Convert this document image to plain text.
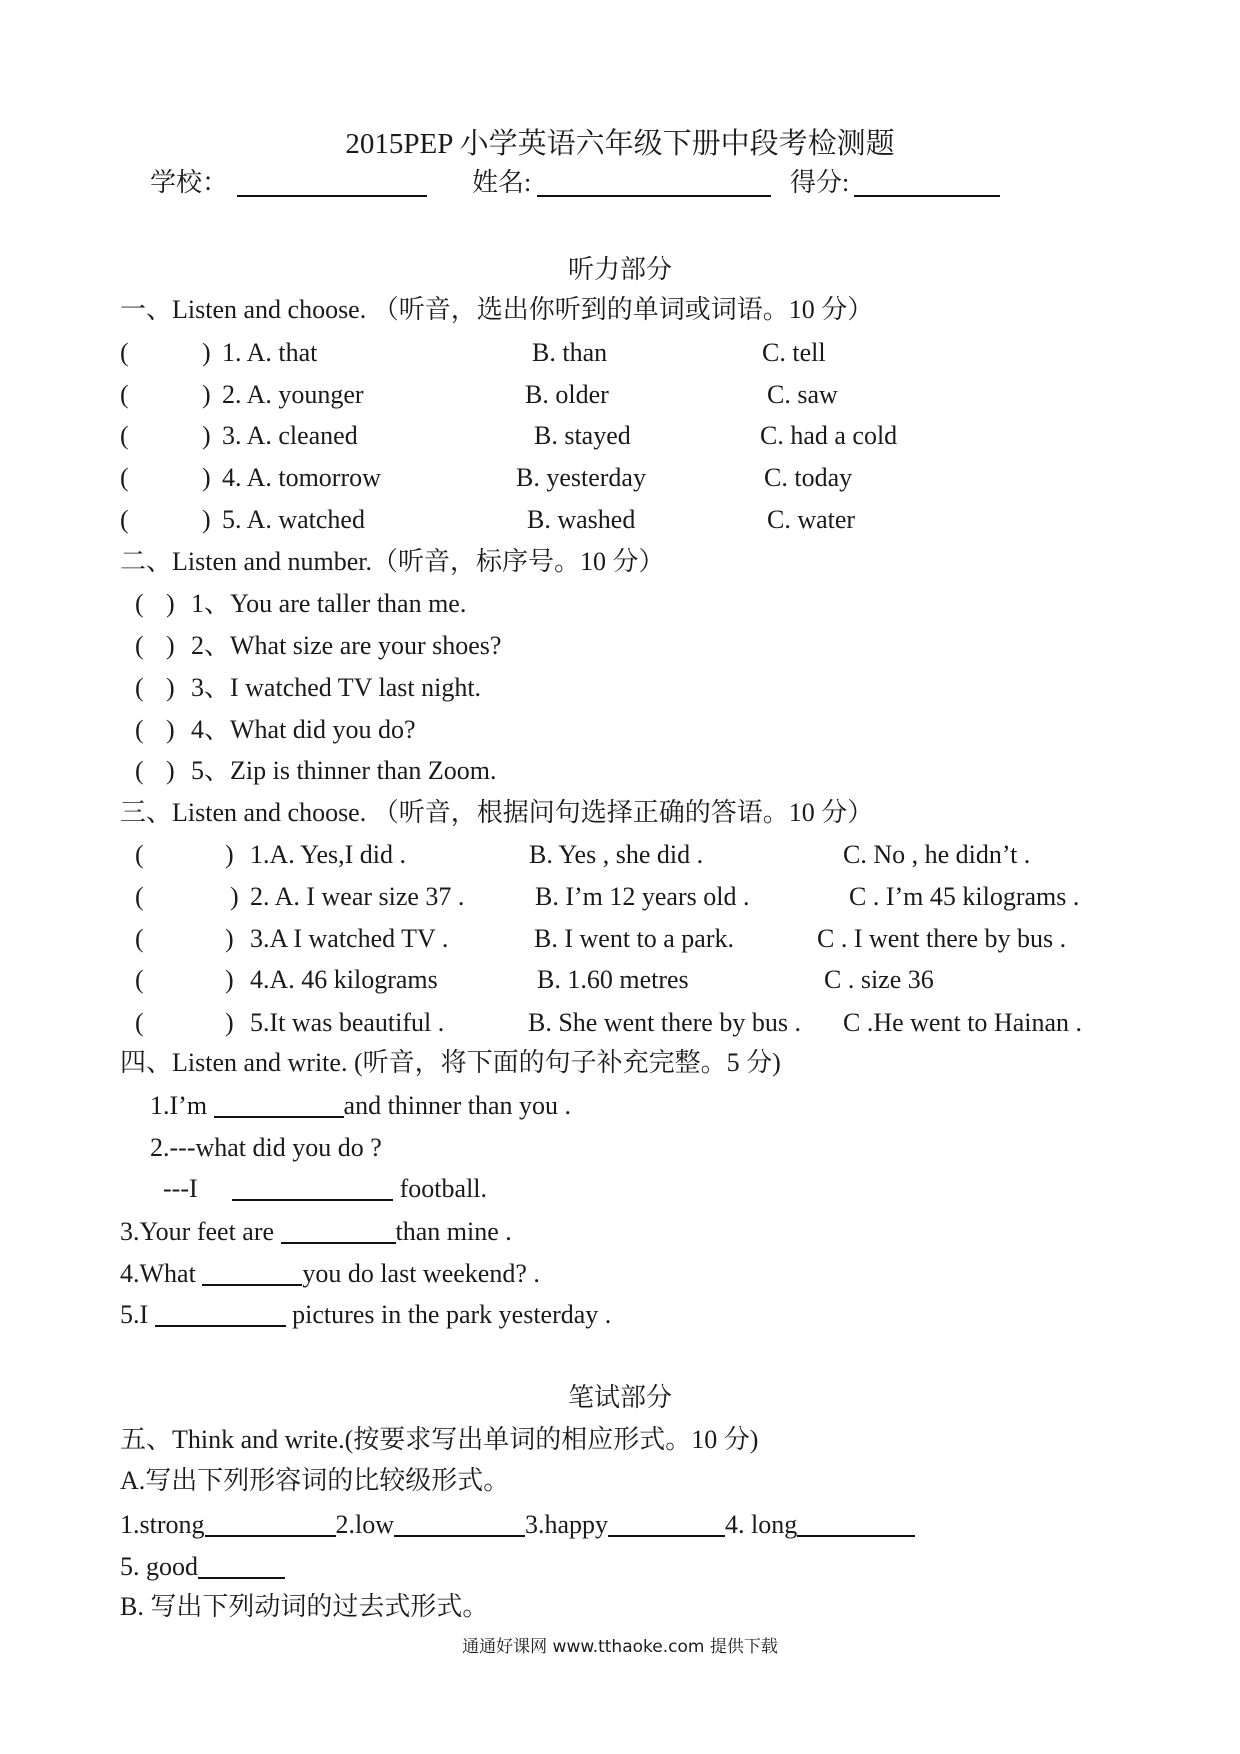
2015PEP 小学英语六年级下册中段考检测题
学校：	姓名:	得分:
听力部分
一、Listen and choose. （听音，选出你听到的单词或词语。10 分）
(	) 1. A. that	B. than	C. tell
(	) 2. A. younger	B. older	C. saw
(	) 3. A. cleaned	B. stayed	C. had a cold
(	) 4. A. tomorrow	B. yesterday	C. today
(	) 5. A. watched	B. washed	C. water
二、Listen and number.（听音，标序号。10 分）
( ) 1、You are taller than me.
( ) 2、What size are your shoes?
( ) 3、I watched TV last night.
( ) 4、What did you do?
( ) 5、Zip is thinner than Zoom.
三、Listen and choose. （听音，根据问句选择正确的答语。10 分）
(	) 1.A. Yes,I did .	B. Yes , she did .	C. No , he didn’t .
(	) 2. A. I wear size 37 .	B. I’m 12 years old .	C . I’m 45 kilograms .
(	) 3.A I watched TV .	B. I went to a park.	C . I went there by bus .
(	) 4.A. 46 kilograms	B. 1.60 metres	C . size 36
(	) 5.It was beautiful .	B. She went there by bus . C .He went to Hainan .
四、Listen and write. (听音，将下面的句子补充完整。5 分)
1.I’m	and thinner than you .
2.---what did you do ?
---I	football.
3.Your feet are	than mine .
4.What	you do last weekend? .
5.I	pictures in the park yesterday .
笔试部分
五、Think and write.(按要求写出单词的相应形式。10 分)
A.写出下列形容词的比较级形式。
1.strong	2.low	3.happy	4. long
5. good
B. 写出下列动词的过去式形式。
通通好课网 www.tthaoke.com 提供下载
